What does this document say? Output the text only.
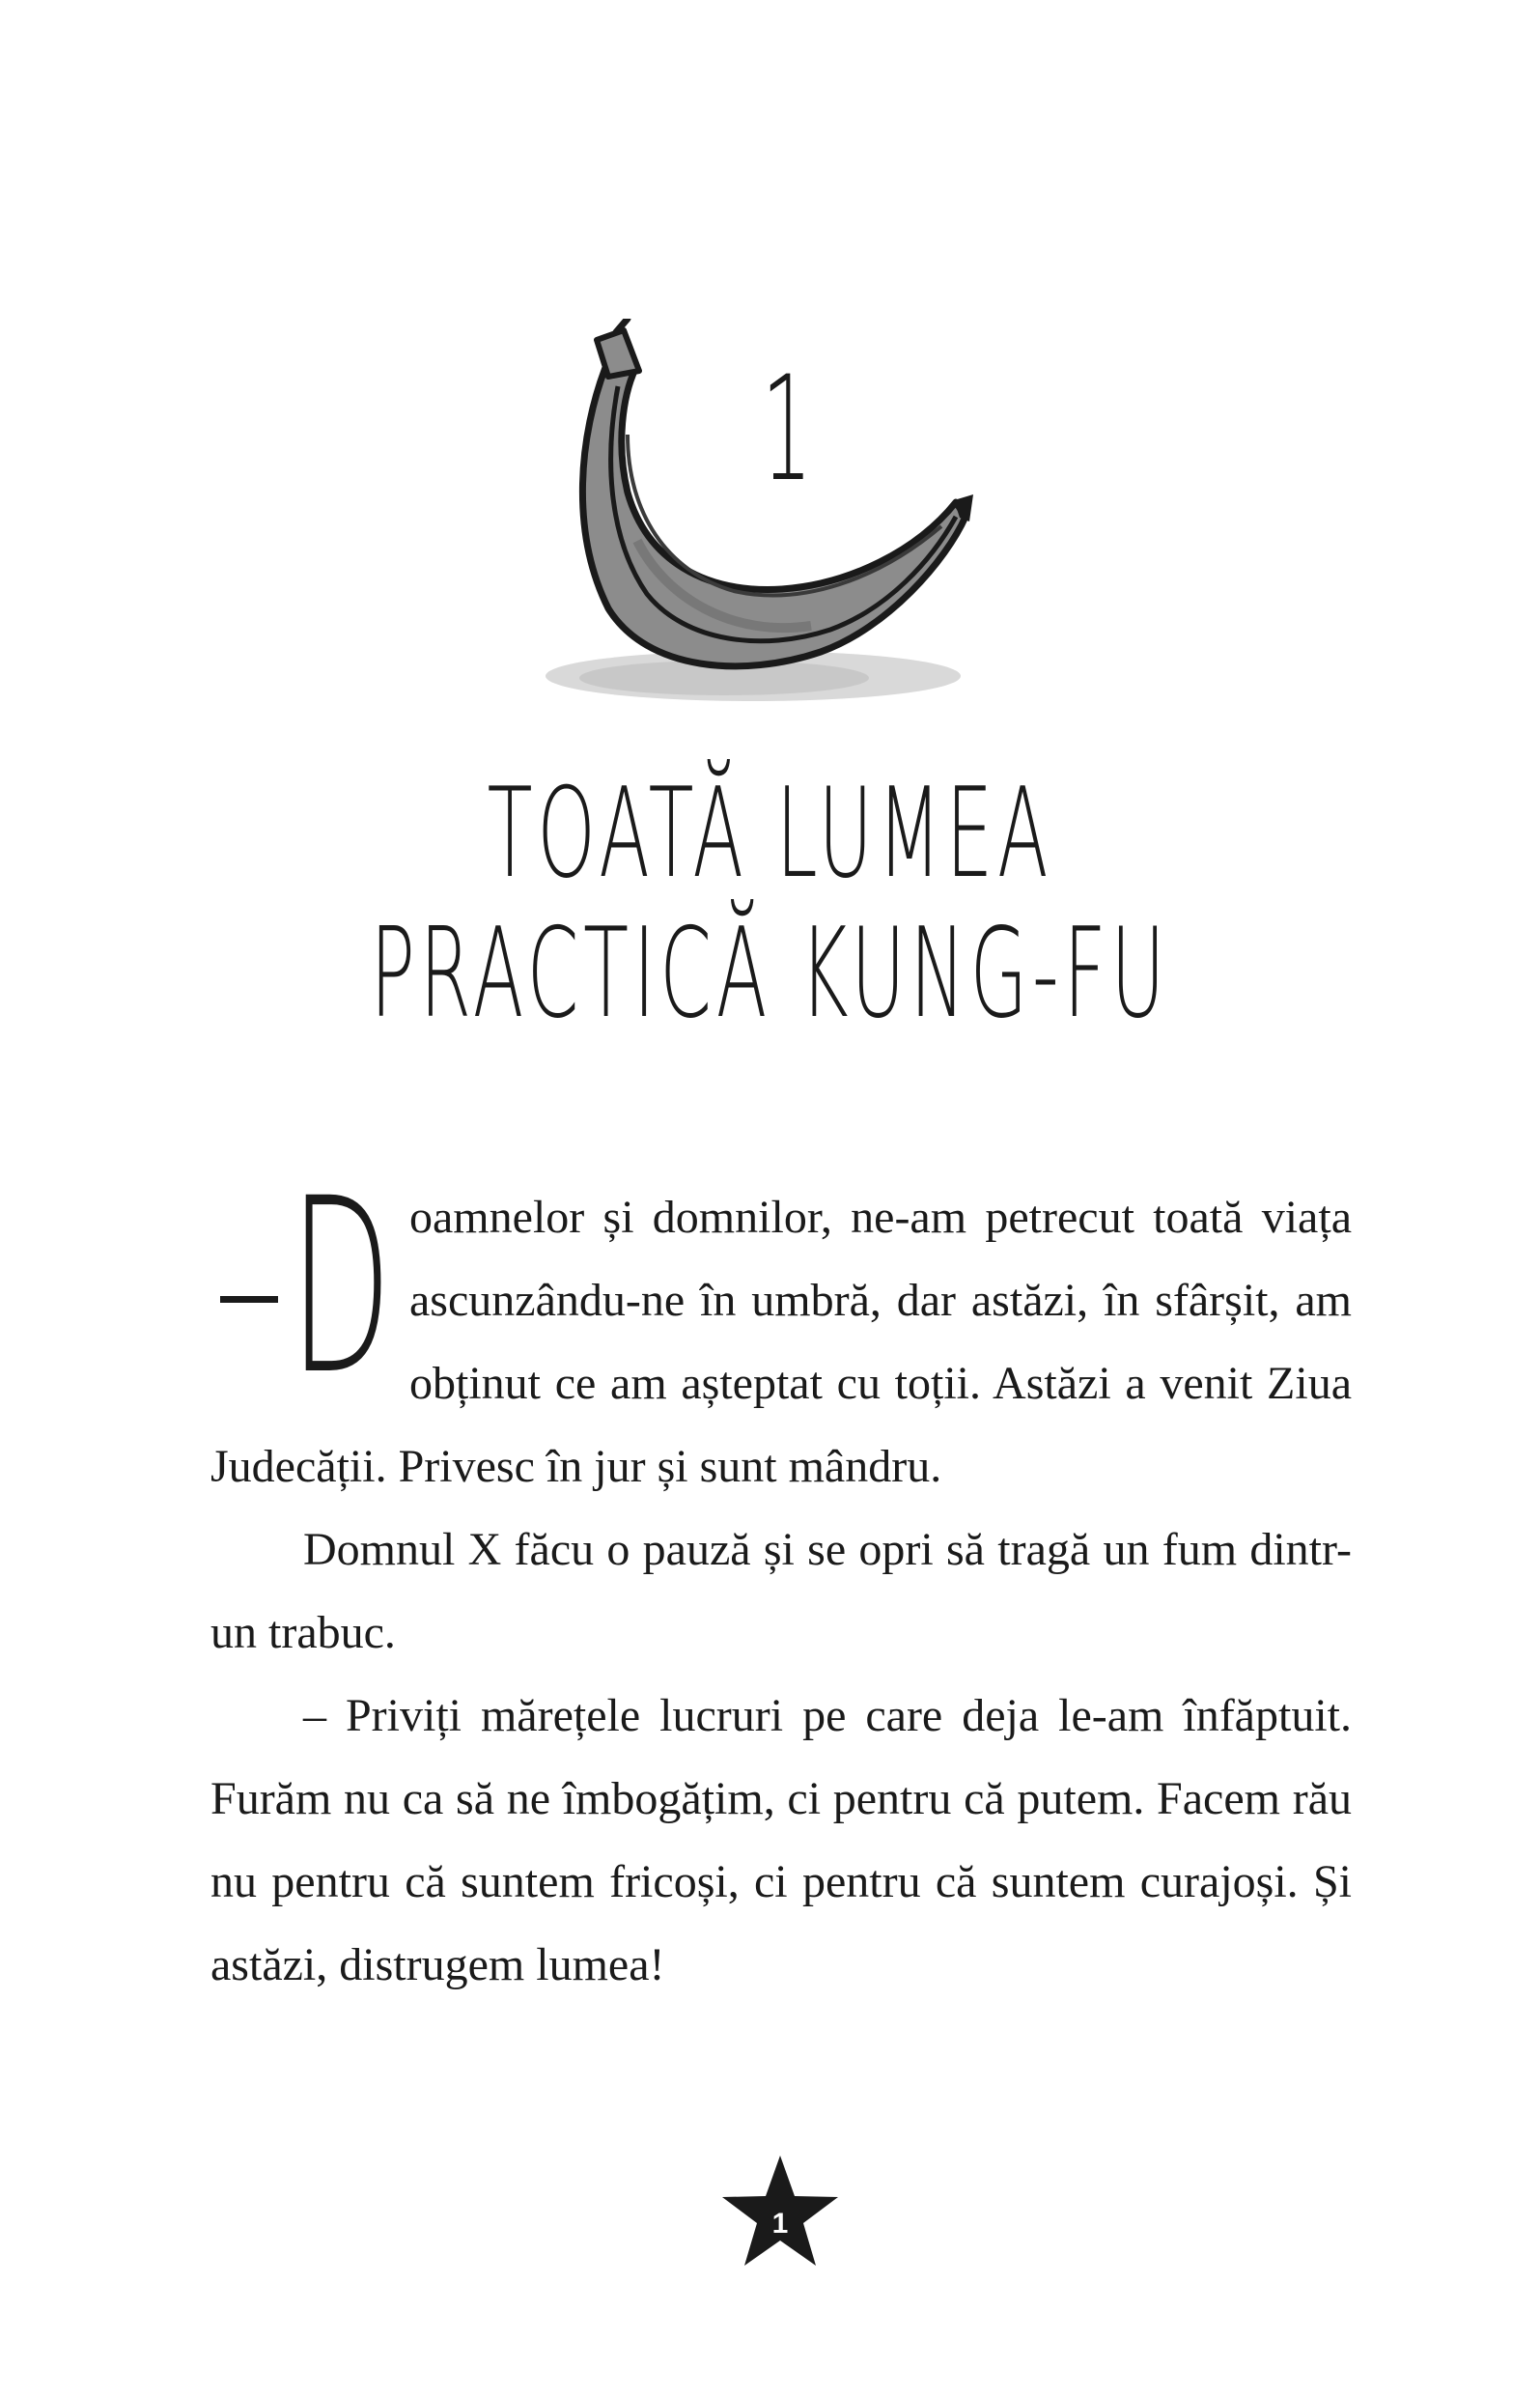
1
TOATĂ LUMEA
PRACTICĂ KUNG-FU

D oamnelor și domnilor, ne-am petrecut toată viața ascunzându-ne în umbră, dar astăzi, în sfârșit, am obținut ce am așteptat cu toții. Astăzi a venit Ziua Judecății. Privesc în jur și sunt mândru.

Domnul X făcu o pauză și se opri să tragă un fum dintr-un trabuc.

– Priviți mărețele lucruri pe care deja le-am înfăptuit. Furăm nu ca să ne îmbogățim, ci pentru că putem. Facem rău nu pentru că suntem fricoși, ci pentru că suntem curajoși. Și astăzi, distrugem lumea!

1
